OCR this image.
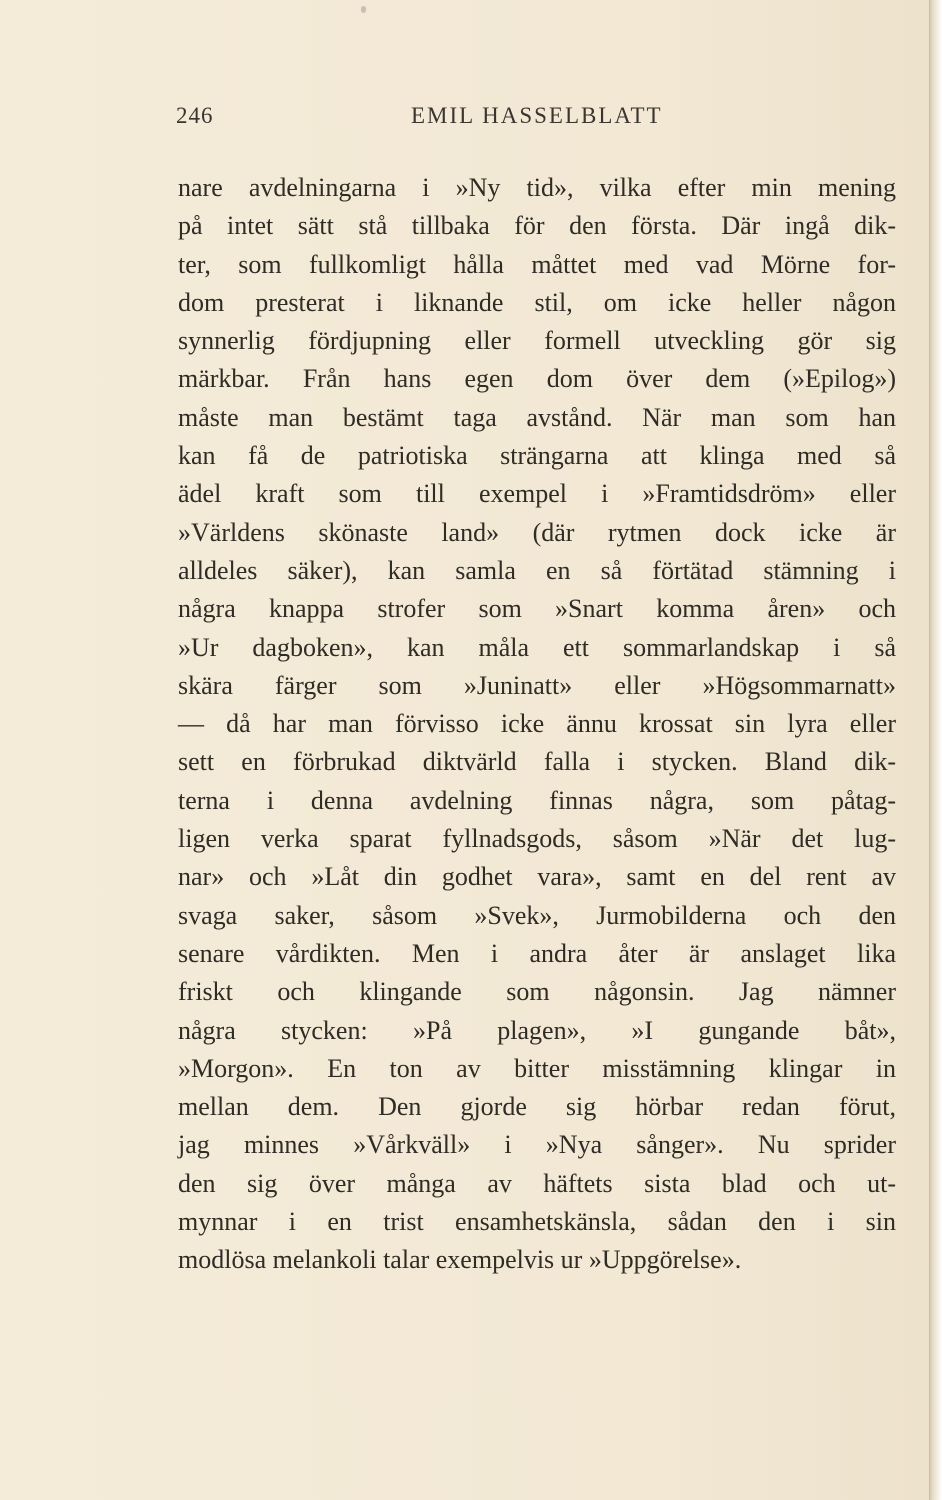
246	EMIL HASSELBLATT
nare avdelningarna i »Ny tid», vilka efter min mening
på intet sätt stå tillbaka för den första. Där ingå dik-
ter, som fullkomligt hålla måttet med vad Mörne for-
dom presterat i liknande stil, om icke heller någon
synnerlig fördjupning eller formell utveckling gör sig
märkbar. Från hans egen dom över dem (»Epilog»)
måste man bestämt taga avstånd. När man som han
kan få de patriotiska strängarna att klinga med så
ädel kraft som till exempel i »Framtidsdröm» eller
»Världens skönaste land» (där rytmen dock icke är
alldeles säker), kan samla en så förtätad stämning i
några knappa strofer som »Snart komma åren» och
»Ur dagboken», kan måla ett sommarlandskap i så
skära färger som »Juninatt» eller »Högsommarnatt»
— då har man förvisso icke ännu krossat sin lyra eller
sett en förbrukad diktvärld falla i stycken. Bland dik-
terna i denna avdelning finnas några, som påtag-
ligen verka sparat fyllnadsgods, såsom »När det lug-
nar» och »Låt din godhet vara», samt en del rent av
svaga saker, såsom »Svek», Jurmobilderna och den
senare vårdikten. Men i andra åter är anslaget lika
friskt och klingande som någonsin. Jag nämner
några stycken: »På plagen», »I gungande båt»,
»Morgon». En ton av bitter misstämning klingar in
mellan dem. Den gjorde sig hörbar redan förut,
jag minnes »Vårkväll» i »Nya sånger». Nu sprider
den sig över många av häftets sista blad och ut-
mynnar i en trist ensamhetskänsla, sådan den i sin
modlösa melankoli talar exempelvis ur »Uppgörelse».
